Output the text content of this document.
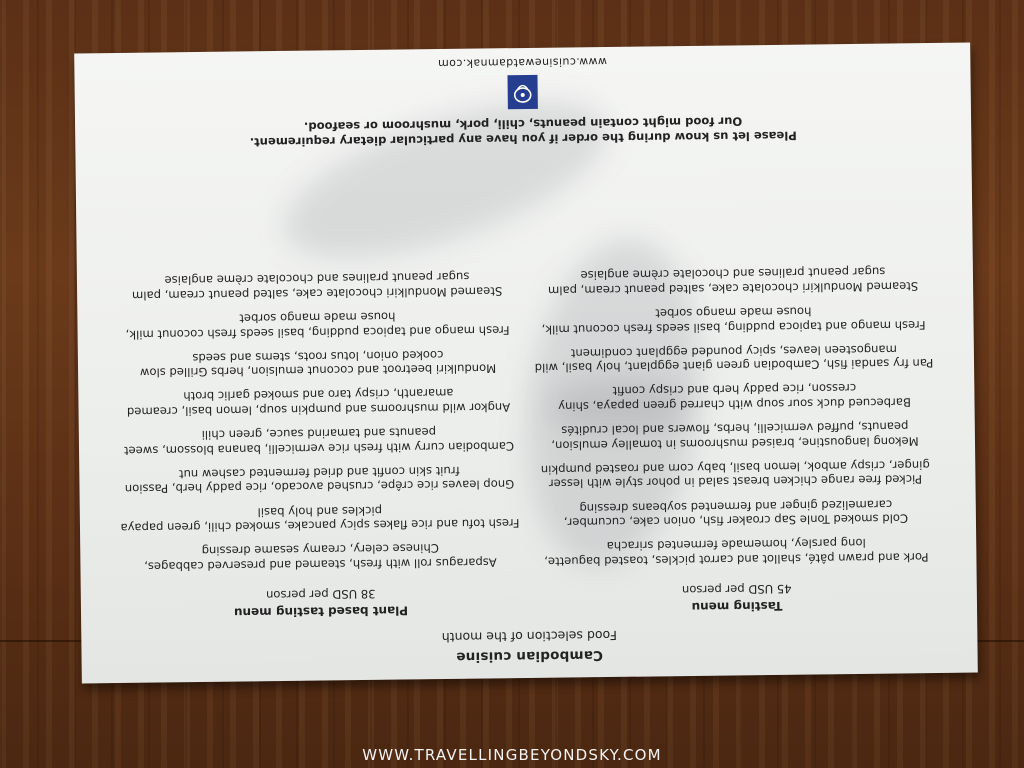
Cambodian cuisine
Food selection of the month
Tasting menu
45 USD per person
Pork and prawn pâté, shallot and carrot pickles, toasted baguette, long parsley, homemade fermented sriracha
Cold smoked Tonle Sap croaker fish, onion cake, cucumber, caramelized ginger and fermented soybeans dressing
Picked free range chicken breast salad in pohor style with lesser ginger, crispy ambok, lemon basil, baby corn and roasted pumpkin
Mekong langoustine, braised mushrooms in tomalley emulsion, peanuts, puffed vermicelli, herbs, flowers and local crudités
Barbecued duck sour soup with charred green papaya, shiny cresson, rice paddy herb and crispy confit
Pan fry sandai fish, Cambodian green giant eggplant, holy basil, wild mangosteen leaves, spicy pounded eggplant condiment
Fresh mango and tapioca pudding, basil seeds fresh coconut milk, house made mango sorbet
Steamed Mondulkiri chocolate cake, salted peanut cream, palm sugar peanut pralines and chocolate crème anglaise
Plant based tasting menu
38 USD per person
Asparagus roll with fresh, steamed and preserved cabbages, Chinese celery, creamy sesame dressing
Fresh tofu and rice flakes spicy pancake, smoked chili, green papaya pickles and holy basil
Gnop leaves rice crêpe, crushed avocado, rice paddy herb, Passion fruit skin confit and dried fermented cashew nut
Cambodian curry with fresh rice vermicelli, banana blossom, sweet peanuts and tamarind sauce, green chili
Angkor wild mushrooms and pumpkin soup, lemon basil, creamed amaranth, crispy taro and smoked garlic broth
Mondulkiri beetroot and coconut emulsion, herbs Grilled slow cooked onion, lotus roots, stems and seeds
Fresh mango and tapioca pudding, basil seeds fresh coconut milk, house made mango sorbet
Steamed Mondulkiri chocolate cake, salted peanut cream, palm sugar peanut pralines and chocolate crème anglaise
Please let us know during the order if you have any particular dietary requirement.
Our food might contain peanuts, chili, pork, mushroom or seafood.
www.cuisinewatdamnak.com
WWW.TRAVELLINGBEYONDSKY.COM
